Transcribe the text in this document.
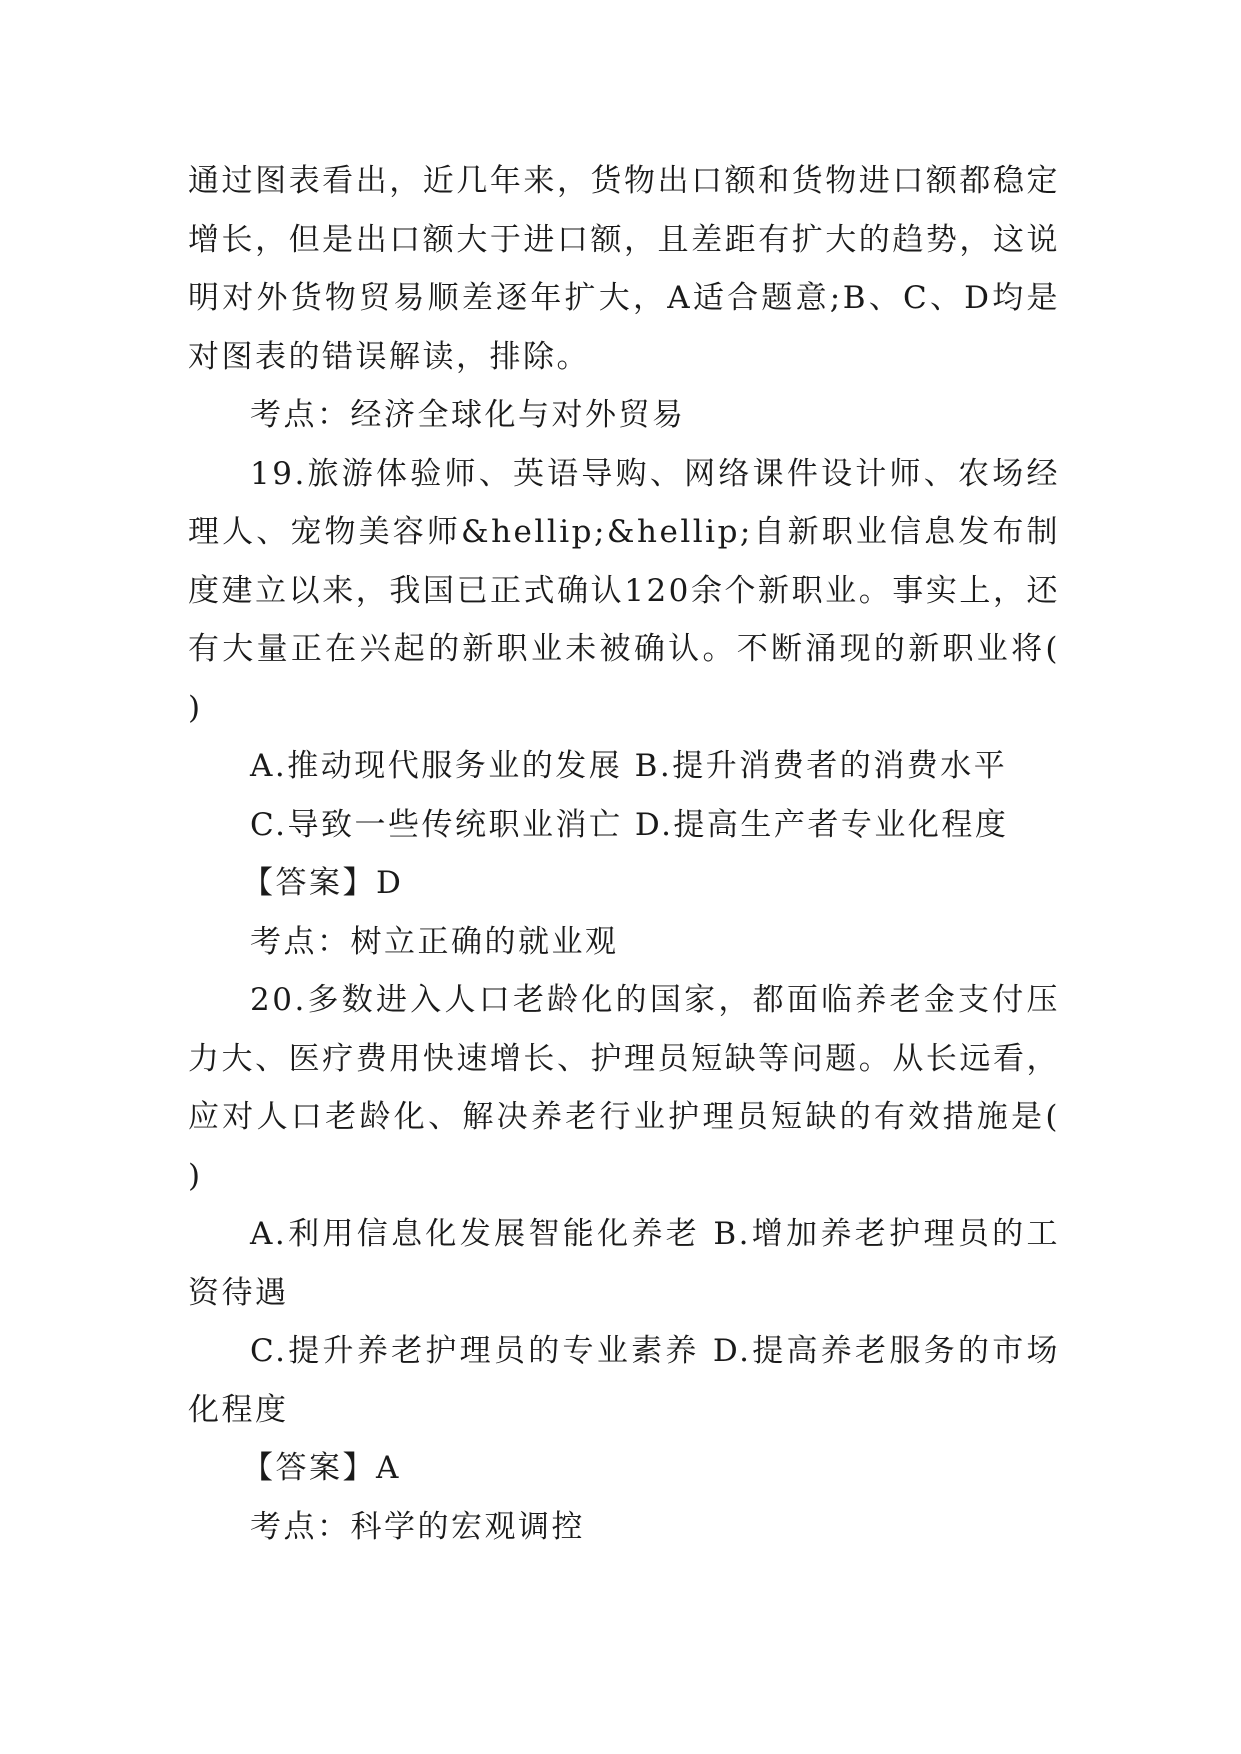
通过图表看出，近几年来，货物出口额和货物进口额都稳定增长，但是出口额大于进口额，且差距有扩大的趋势，这说明对外货物贸易顺差逐年扩大，A适合题意;B、C、D均是对图表的错误解读，排除。

考点：经济全球化与对外贸易

19.旅游体验师、英语导购、网络课件设计师、农场经理人、宠物美容师&hellip;&hellip;自新职业信息发布制度建立以来，我国已正式确认120余个新职业。事实上，还有大量正在兴起的新职业未被确认。不断涌现的新职业将( )

A.推动现代服务业的发展 B.提升消费者的消费水平

C.导致一些传统职业消亡 D.提高生产者专业化程度

【答案】D

考点：树立正确的就业观

20.多数进入人口老龄化的国家，都面临养老金支付压力大、医疗费用快速增长、护理员短缺等问题。从长远看，应对人口老龄化、解决养老行业护理员短缺的有效措施是( )

A.利用信息化发展智能化养老 B.增加养老护理员的工资待遇

C.提升养老护理员的专业素养 D.提高养老服务的市场化程度

【答案】A

考点：科学的宏观调控
